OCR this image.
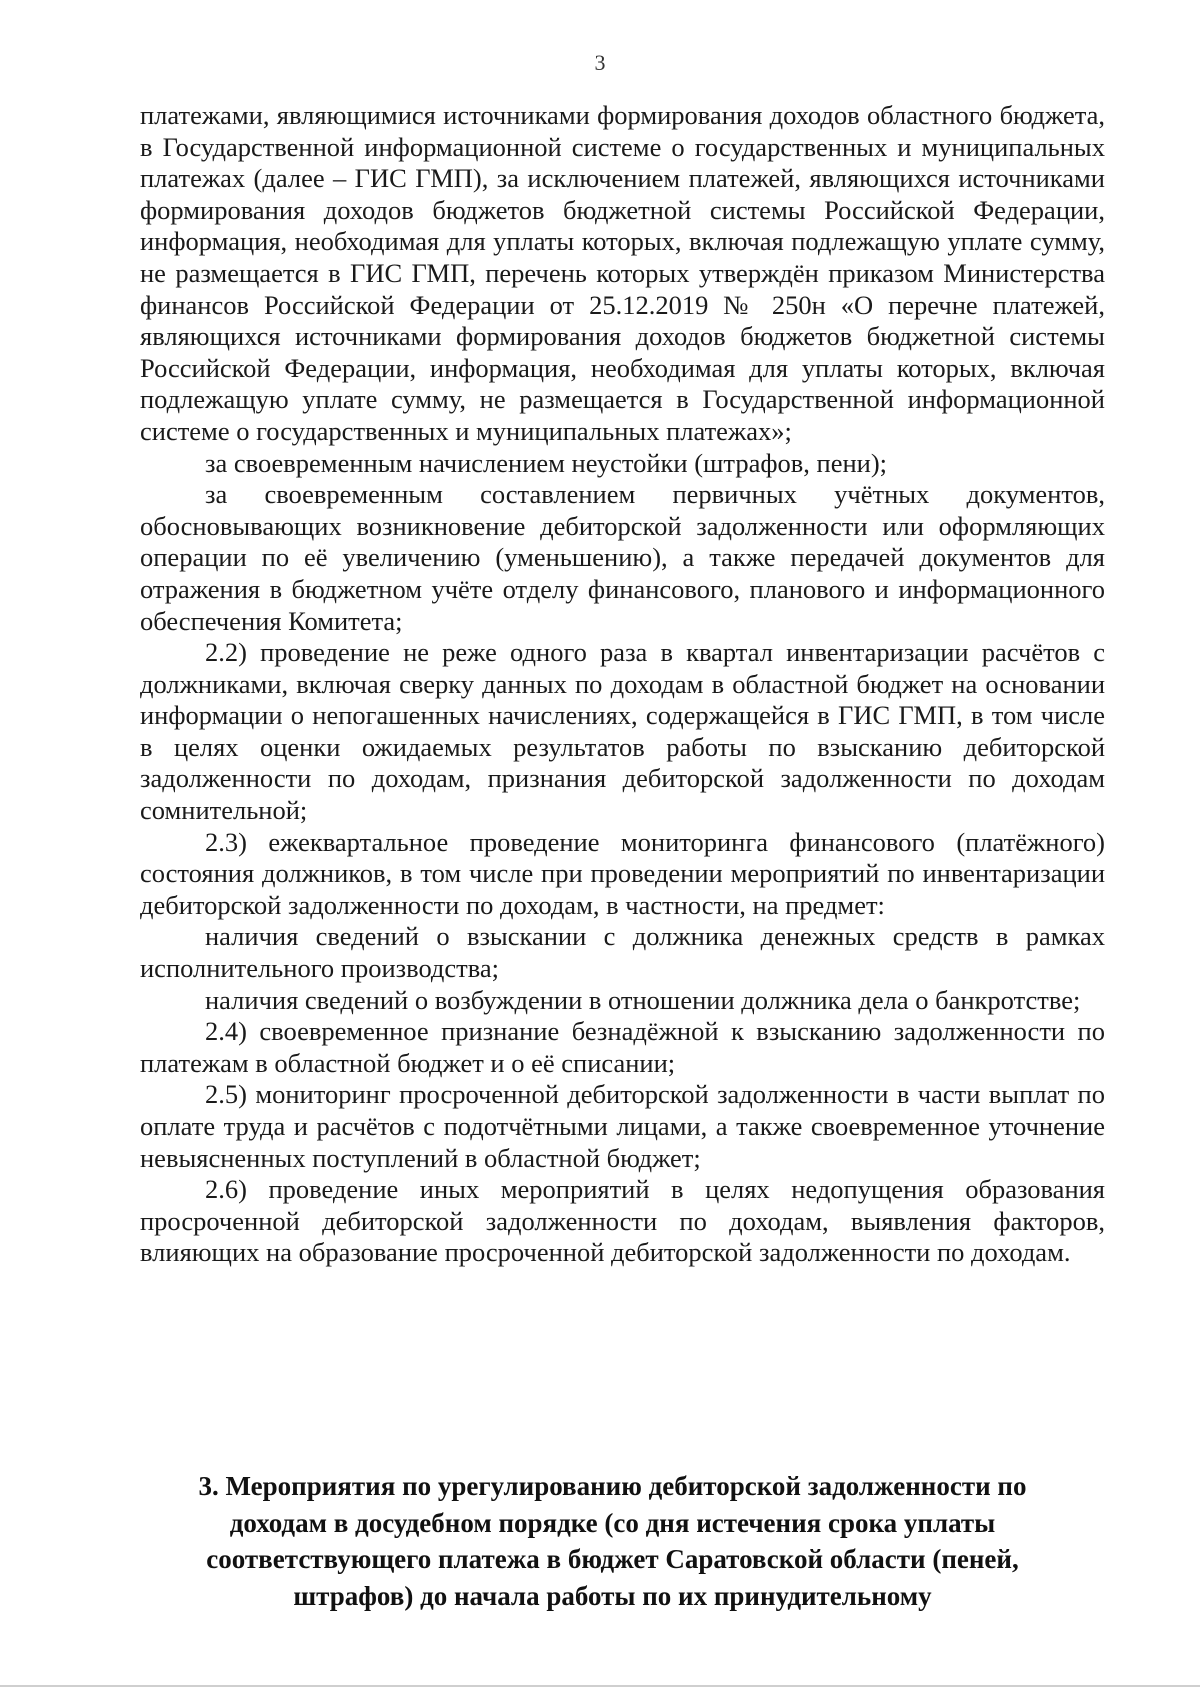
3

платежами, являющимися источниками формирования доходов областного бюджета, в Государственной информационной системе о государственных и муниципальных платежах (далее – ГИС ГМП), за исключением платежей, являющихся источниками формирования доходов бюджетов бюджетной системы Российской Федерации, информация, необходимая для уплаты которых, включая подлежащую уплате сумму, не размещается в ГИС ГМП, перечень которых утверждён приказом Министерства финансов Российской Федерации от 25.12.2019 № 250н «О перечне платежей, являющихся источниками формирования доходов бюджетов бюджетной системы Российской Федерации, информация, необходимая для уплаты которых, включая подлежащую уплате сумму, не размещается в Государственной информационной системе о государственных и муниципальных платежах»;

за своевременным начислением неустойки (штрафов, пени);

за своевременным составлением первичных учётных документов, обосновывающих возникновение дебиторской задолженности или оформляющих операции по её увеличению (уменьшению), а также передачей документов для отражения в бюджетном учёте отделу финансового, планового и информационного обеспечения Комитета;

2.2) проведение не реже одного раза в квартал инвентаризации расчётов с должниками, включая сверку данных по доходам в областной бюджет на основании информации о непогашенных начислениях, содержащейся в ГИС ГМП, в том числе в целях оценки ожидаемых результатов работы по взысканию дебиторской задолженности по доходам, признания дебиторской задолженности по доходам сомнительной;

2.3) ежеквартальное проведение мониторинга финансового (платёжного) состояния должников, в том числе при проведении мероприятий по инвентаризации дебиторской задолженности по доходам, в частности, на предмет:

наличия сведений о взыскании с должника денежных средств в рамках исполнительного производства;

наличия сведений о возбуждении в отношении должника дела о банкротстве;

2.4) своевременное признание безнадёжной к взысканию задолженности по платежам в областной бюджет и о её списании;

2.5) мониторинг просроченной дебиторской задолженности в части выплат по оплате труда и расчётов с подотчётными лицами, а также своевременное уточнение невыясненных поступлений в областной бюджет;

2.6) проведение иных мероприятий в целях недопущения образования просроченной дебиторской задолженности по доходам, выявления факторов, влияющих на образование просроченной дебиторской задолженности по доходам.

3. Мероприятия по урегулированию дебиторской задолженности по доходам в досудебном порядке (со дня истечения срока уплаты соответствующего платежа в бюджет Саратовской области (пеней, штрафов) до начала работы по их принудительному
